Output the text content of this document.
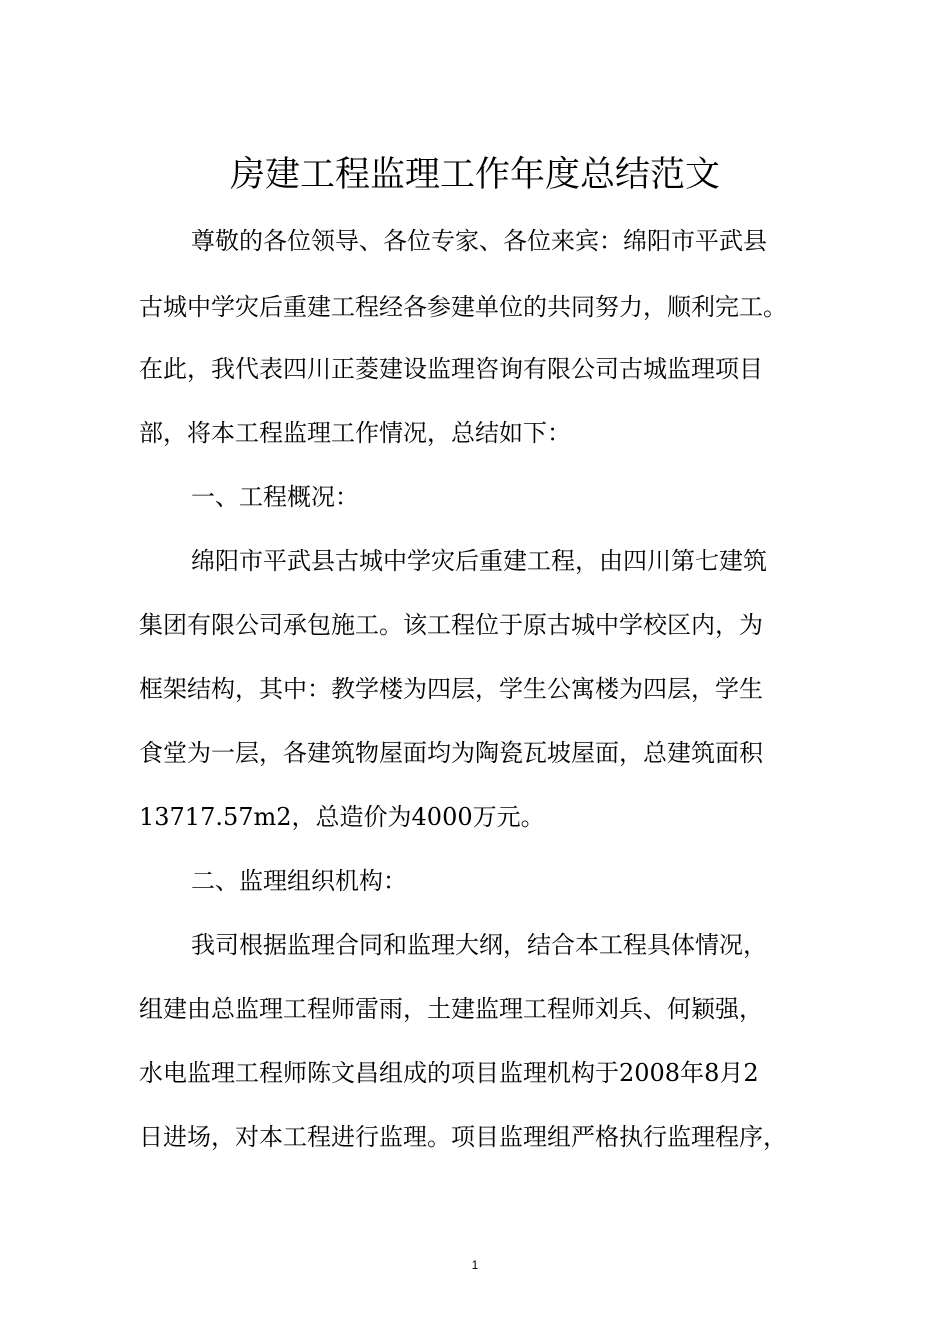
房建工程监理工作年度总结范文
尊敬的各位领导、各位专家、各位来宾：绵阳市平武县
古城中学灾后重建工程经各参建单位的共同努力，顺利完工。
在此，我代表四川正菱建设监理咨询有限公司古城监理项目
部，将本工程监理工作情况，总结如下：
一、工程概况：
绵阳市平武县古城中学灾后重建工程，由四川第七建筑
集团有限公司承包施工。该工程位于原古城中学校区内，为
框架结构，其中：教学楼为四层，学生公寓楼为四层，学生
食堂为一层，各建筑物屋面均为陶瓷瓦坡屋面，总建筑面积
13717.57m2，总造价为4000万元。
二、监理组织机构：
我司根据监理合同和监理大纲，结合本工程具体情况，
组建由总监理工程师雷雨，土建监理工程师刘兵、何颖强，
水电监理工程师陈文昌组成的项目监理机构于2008年8月2
日进场，对本工程进行监理。项目监理组严格执行监理程序，
1
